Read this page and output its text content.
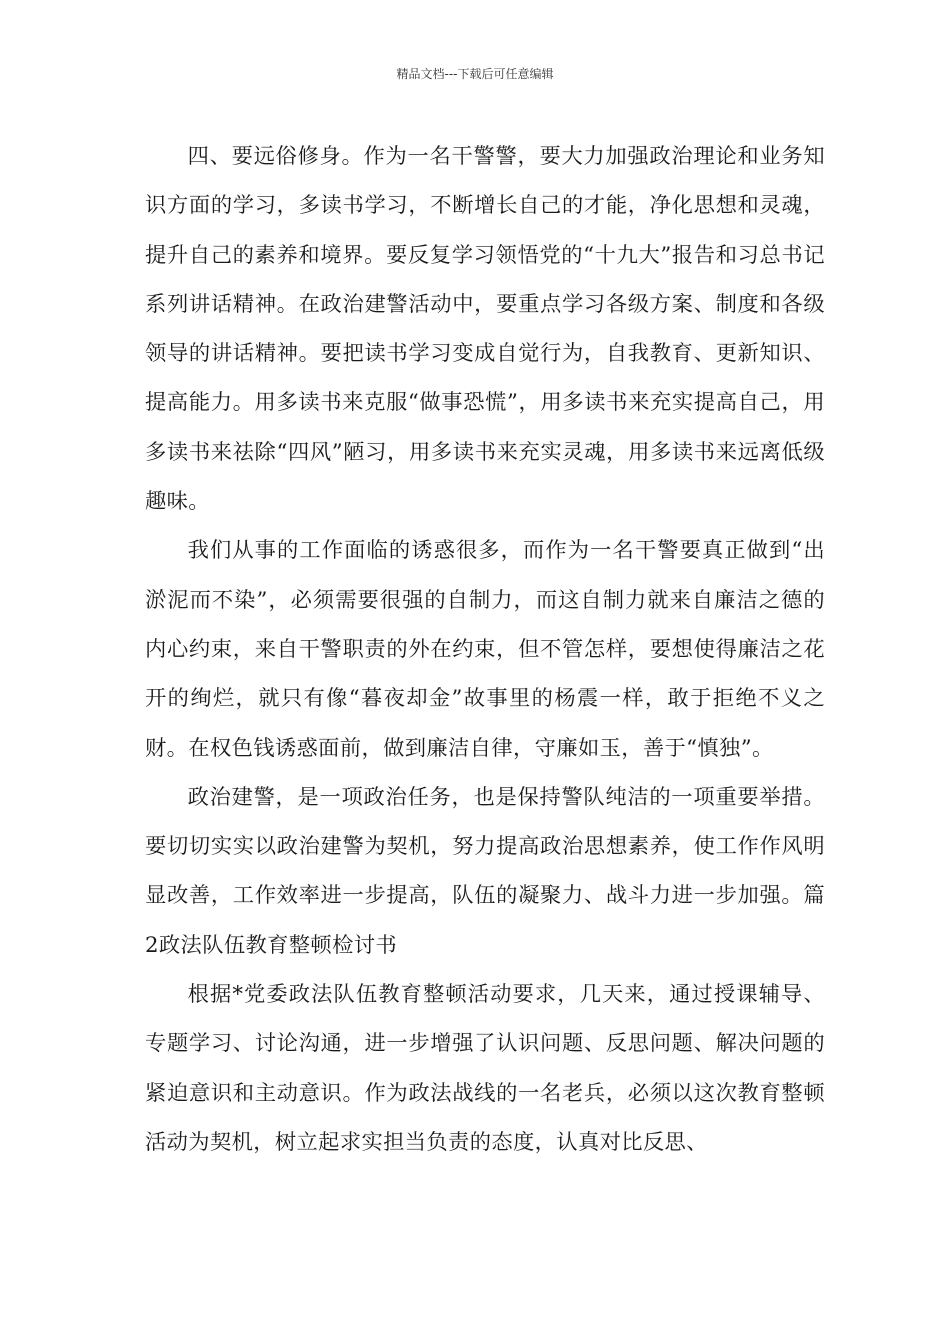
精品文档---下载后可任意编辑

四、要远俗修身。作为一名干警警，要大力加强政治理论和业务知识方面的学习，多读书学习，不断增长自己的才能，净化思想和灵魂，提升自己的素养和境界。要反复学习领悟党的“十九大”报告和习总书记系列讲话精神。在政治建警活动中，要重点学习各级方案、制度和各级领导的讲话精神。要把读书学习变成自觉行为，自我教育、更新知识、提高能力。用多读书来克服“做事恐慌”，用多读书来充实提高自己，用多读书来祛除“四风”陋习，用多读书来充实灵魂，用多读书来远离低级趣味。

我们从事的工作面临的诱惑很多，而作为一名干警要真正做到“出淤泥而不染”，必须需要很强的自制力，而这自制力就来自廉洁之德的内心约束，来自干警职责的外在约束，但不管怎样，要想使得廉洁之花开的绚烂，就只有像“暮夜却金”故事里的杨震一样，敢于拒绝不义之财。在权色钱诱惑面前，做到廉洁自律，守廉如玉，善于“慎独”。

政治建警，是一项政治任务，也是保持警队纯洁的一项重要举措。要切切实实以政治建警为契机，努力提高政治思想素养，使工作作风明显改善，工作效率进一步提高，队伍的凝聚力、战斗力进一步加强。篇2政法队伍教育整顿检讨书

根据*党委政法队伍教育整顿活动要求，几天来，通过授课辅导、专题学习、讨论沟通，进一步增强了认识问题、反思问题、解决问题的紧迫意识和主动意识。作为政法战线的一名老兵，必须以这次教育整顿活动为契机，树立起求实担当负责的态度，认真对比反思、
